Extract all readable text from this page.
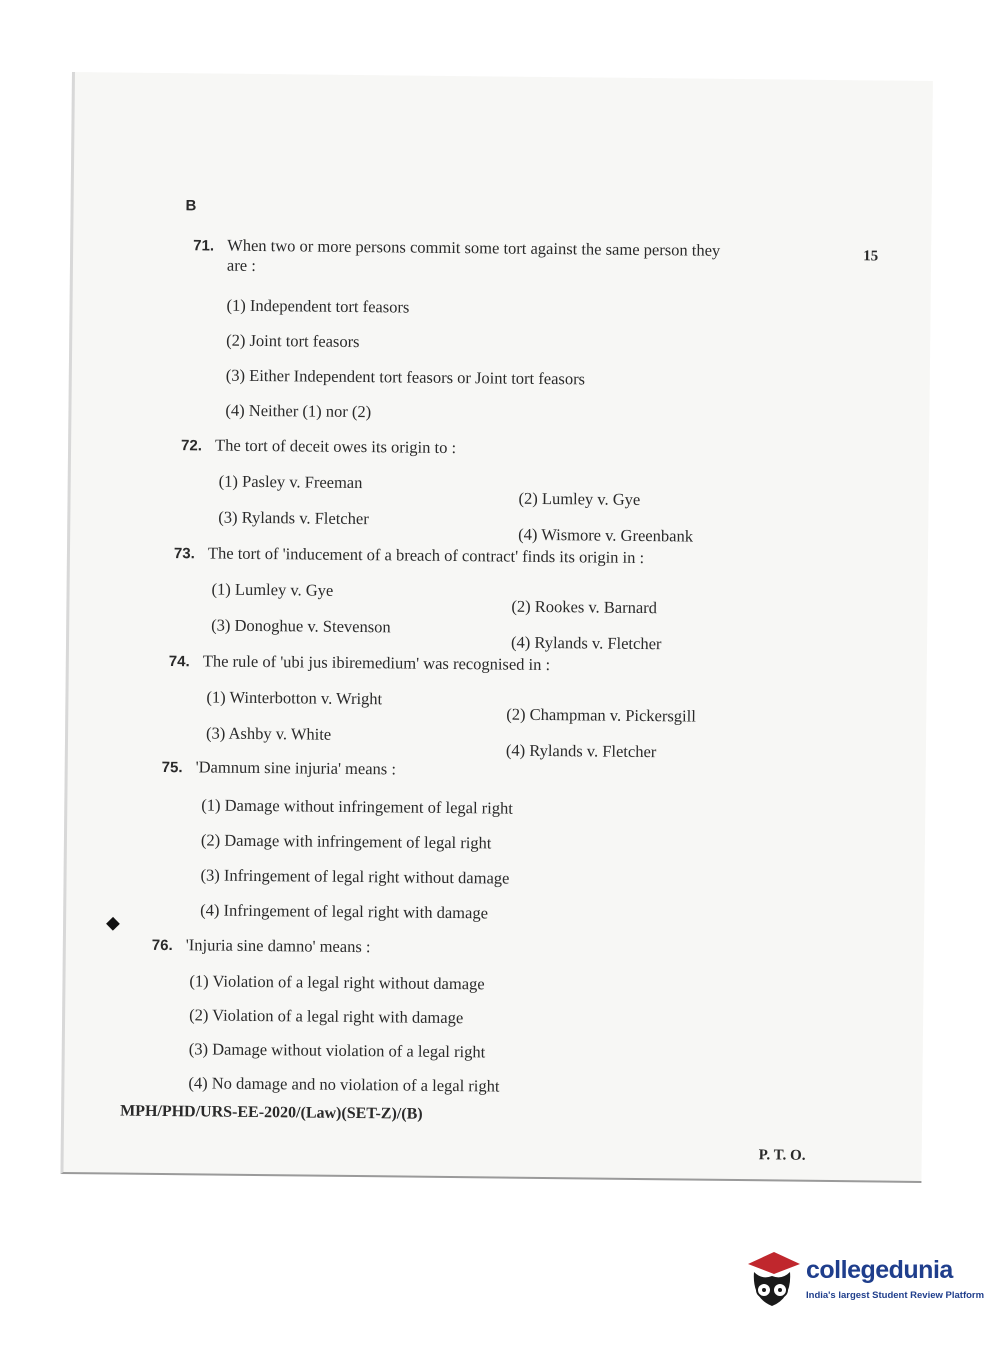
B
15
71. When two or more persons commit some tort against the same person they
are :
(1) Independent tort feasors
(2) Joint tort feasors
(3) Either Independent tort feasors or Joint tort feasors
(4) Neither (1) nor (2)
72. The tort of deceit owes its origin to :
(1) Pasley v. Freeman
(2) Lumley v. Gye
(3) Rylands v. Fletcher
(4) Wismore v. Greenbank
73. The tort of 'inducement of a breach of contract' finds its origin in :
(1) Lumley v. Gye
(2) Rookes v. Barnard
(3) Donoghue v. Stevenson
(4) Rylands v. Fletcher
74. The rule of 'ubi jus ibiremedium' was recognised in :
(1) Winterbotton v. Wright
(2) Champman v. Pickersgill
(3) Ashby v. White
(4) Rylands v. Fletcher
75. 'Damnum sine injuria' means :
(1) Damage without infringement of legal right
(2) Damage with infringement of legal right
(3) Infringement of legal right without damage
(4) Infringement of legal right with damage
◆
76. 'Injuria sine damno' means :
(1) Violation of a legal right without damage
(2) Violation of a legal right with damage
(3) Damage without violation of a legal right
(4) No damage and no violation of a legal right
MPH/PHD/URS-EE-2020/(Law)(SET-Z)/(B)
P. T. O.
collegedunia
India's largest Student Review Platform
